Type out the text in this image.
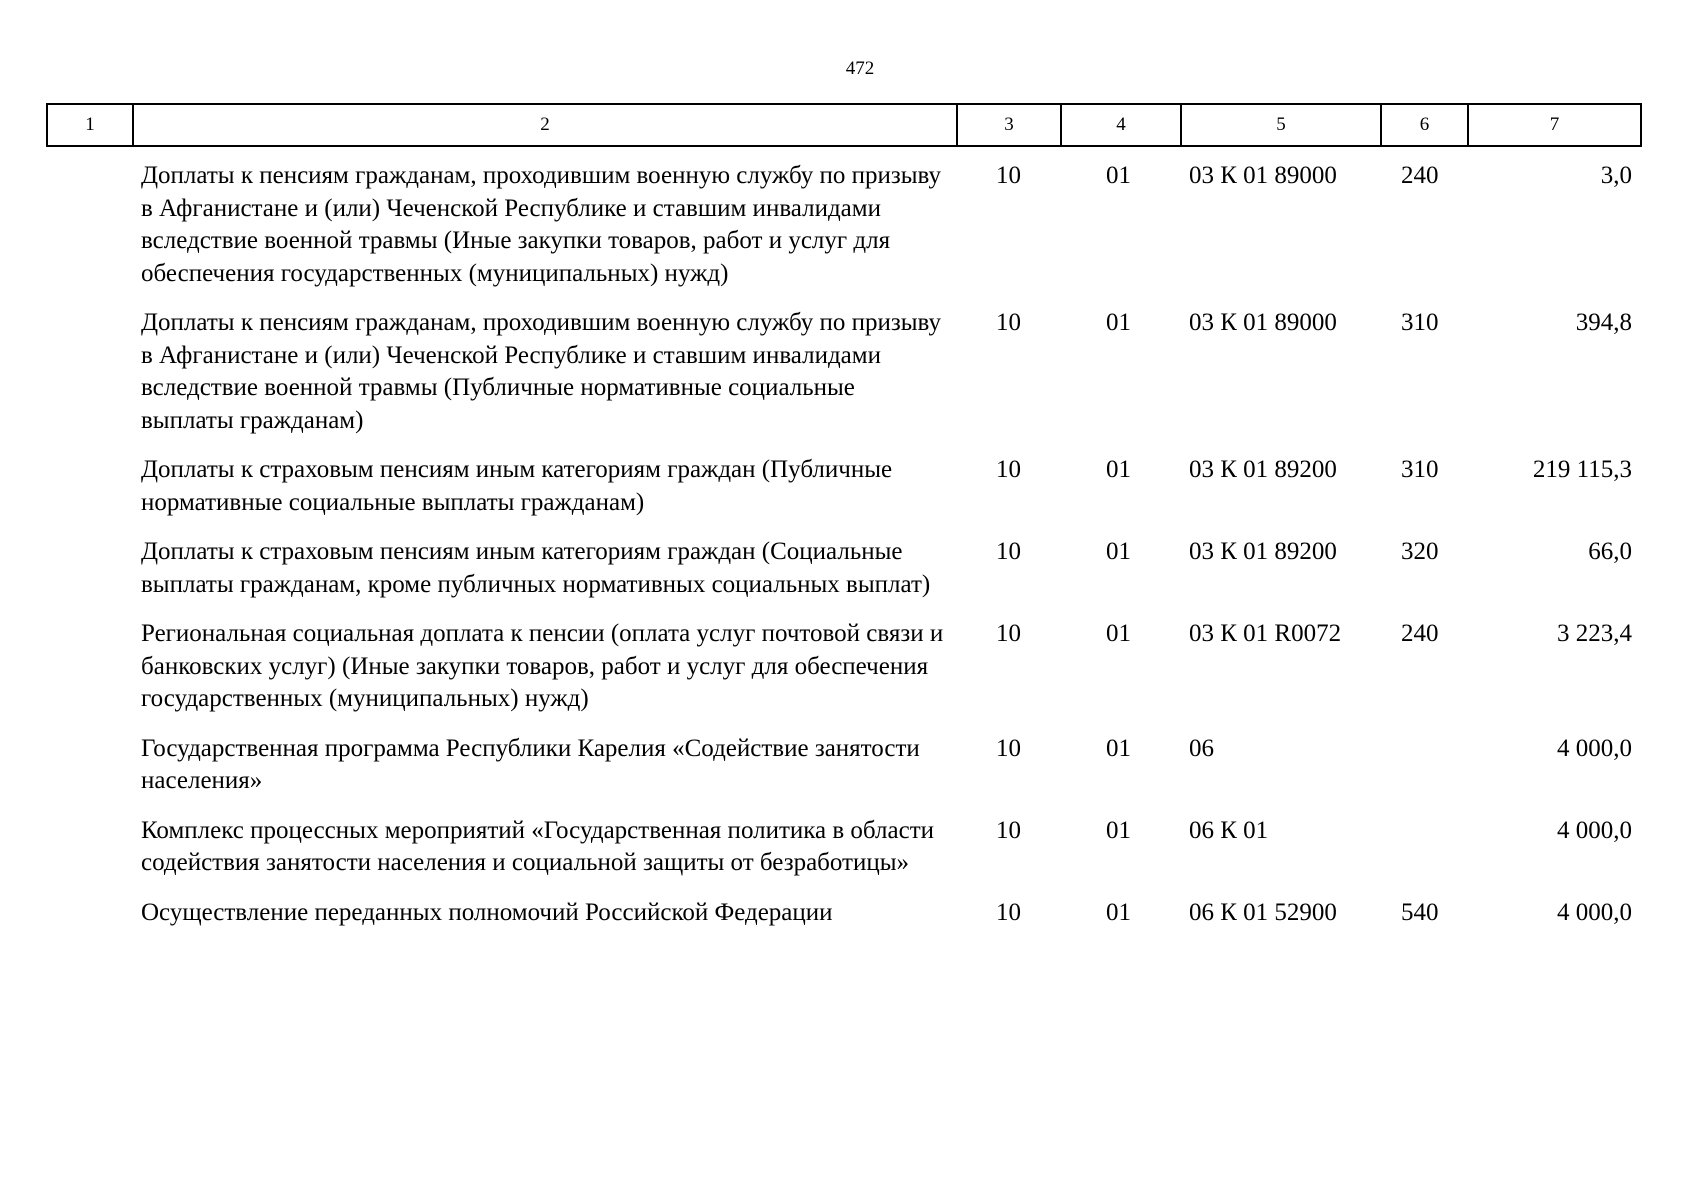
472
1	2	3	4	5	6	7
	Доплаты к пенсиям гражданам, проходившим военную службу по призыву в Афганистане и (или) Чеченской Республике и ставшим инвалидами вследствие военной травмы (Иные закупки товаров, работ и услуг для обеспечения государственных (муниципальных) нужд)	10	01	03 К 01 89000	240	3,0
	Доплаты к пенсиям гражданам, проходившим военную службу по призыву в Афганистане и (или) Чеченской Республике и ставшим инвалидами вследствие военной травмы (Публичные нормативные социальные выплаты гражданам)	10	01	03 К 01 89000	310	394,8
	Доплаты к страховым пенсиям иным категориям граждан (Публичные нормативные социальные выплаты гражданам)	10	01	03 К 01 89200	310	219 115,3
	Доплаты к страховым пенсиям иным категориям граждан (Социальные выплаты гражданам, кроме публичных нормативных социальных выплат)	10	01	03 К 01 89200	320	66,0
	Региональная социальная доплата к пенсии (оплата услуг почтовой связи и банковских услуг) (Иные закупки товаров, работ и услуг для обеспечения государственных (муниципальных) нужд)	10	01	03 К 01 R0072	240	3 223,4
	Государственная программа Республики Карелия «Содействие занятости населения»	10	01	06		4 000,0
	Комплекс процессных мероприятий «Государственная политика в области содействия занятости населения и социальной защиты от безработицы»	10	01	06 К 01		4 000,0
	Осуществление переданных полномочий Российской Федерации	10	01	06 К 01 52900	540	4 000,0
